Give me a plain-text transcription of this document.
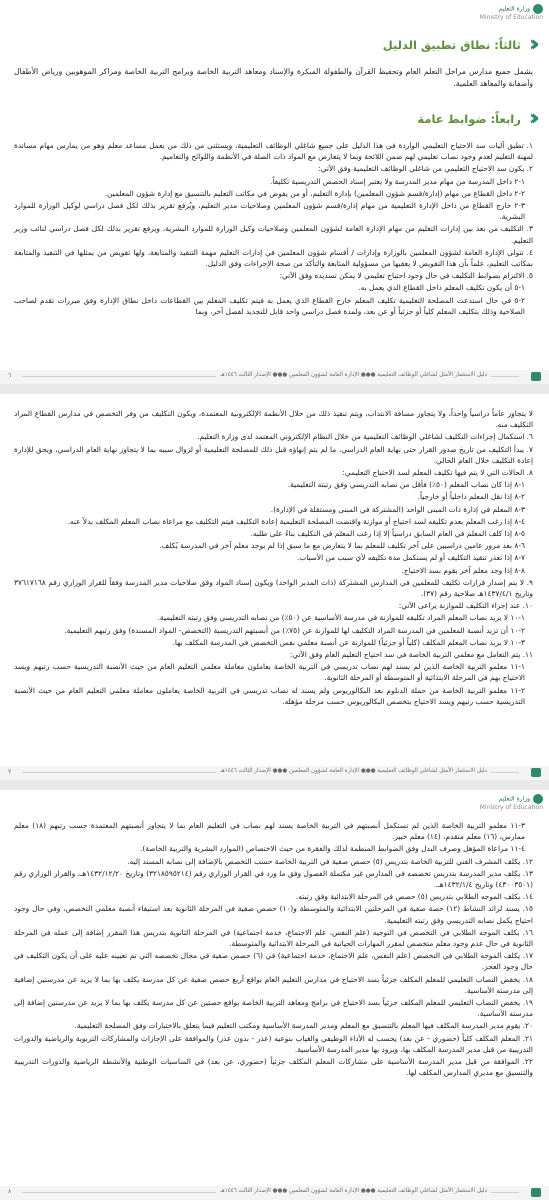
وزارة التعليم
Ministry of Education
‹‹ثالثاً: نطاق تطبيق الدليل

يشمل جميع مدارس مراحل التعلم العام وتحفيظ القرآن والطفولة المبكرة والإسناد ومعاهد التربية الخاصة وبرامج التربية الخاصة ومراكز الموهوبين ورياض الأطفال وأضفانة والمعاهد العلمية.

‹‹رابعاً: ضوابط عامة

١. تطبق آليات سد الاحتياج التعليمي الواردة في هذا الدليل على جميع شاغلي الوظائف التعليمية، ويستثنى من ذلك من يعمل مساعد معلم وهو من يمارس مهام مساندة لمهنة التعليم لعدم وجود نصاب تعليمي لهم ضمن اللائحة وبما لا يتعارض مع المواد ذات الصلة في الأنظمة واللوائح والتعاميم.

٢. يكون سد الاحتياج التعليمي من شاغلي الوظائف التعليمية وفق الآتي:

١-٢ داخل المدرسة من مهام مدير المدرسة ولا يعتبر إسناد الحصص التدريسية تكليفاً.

٢-٢ داخل القطاع من مهام (إدارة/قسم شؤون المعلمين) بإدارة التعليم، أو من يفوض في مكاتب التعليم بالتنسيق مع إدارة شؤون المعلمين.

٣-٢ خارج القطاع من داخل الإدارة التعليمية من مهام إدارة/قسم شؤون المعلمين وصلاحيات مدير التعليم، ويُرفع تقرير بذلك لكل فصل دراسي لوكيل الوزارة للموارد البشرية.

٣. التكليف من بعد بين إدارات التعليم من مهام الإدارة العامة لشؤون المعلمين وصلاحيات وكيل الوزارة للموارد البشرية، ويرفع تقرير بذلك لكل فصل دراسي لنائب وزير التعليم.

٤. تتولى الإدارة العامة لشؤون المعلمين بالوزارة وإدارات / أقسام شؤون المعلمين في إدارات التعليم مهمة التنفيذ والمتابعة، ولها تفويض من يمثلها في التنفيذ والمتابعة بمكاتب التعليم، علماً بأن هذا التفويض لا يعفيها من مسؤولية المتابعة والتأكد من صحة الإجراءات وفق الدليل.

٥. الالتزام بضوابط التكليف في حال وجود احتياج تعليمي لا يمكن تسديده وفق الآتي:

١-٥ أن يكون تكليف المعلم داخل القطاع الذي يعمل به.

٢-٥ في حال استدعت المصلحة التعليمية تكليف المعلم خارج القطاع الذي يعمل به فيتم تكليف المعلم بين القطاعات داخل نطاق الإدارة وفق مبررات تقدم لصاحب الصلاحية وذلك بتكليف المعلم كلياً أو جزئياً أو عن بعد، ولمدة فصل دراسي واحد قابل للتجديد لفصل آخر، وبما

دليل الاستثمار الأمثل لشاغلي الوظائف التعليمية ●●● الإدارة العامة لشؤون المعلمين ●●● الإصدار الثالث ١٤٤٦هـ
٦

لا يتجاوز عاماً دراسياً واحداً، ولا يتجاوز مسافة الانتداب، ويتم تنفيذ ذلك من خلال الأنظمة الإلكترونية المعتمدة، ويكون التكليف من وفر التخصص في مدارس القطاع المراد التكليف منه.

٦. استكمال إجراءات التكليف لشاغلي الوظائف التعليمية من خلال النظام الإلكتروني المعتمد لدى وزارة التعليم.

٧. يبدأ التكليف من تاريخ صدور القرار حتى نهاية العام الدراسي، ما لم يتم إنهاؤه قبل ذلك للمصلحة التعليمية أو لزوال سببه بما لا يتجاوز نهاية العام الدراسي، ويحق للإدارة إعادة التكليف خلال العام الحالي.

٨. الحالات التي لا يتم فيها تكليف المعلم لسد الاحتياج التعليمي:

١-٨ إذا كان نصاب المعلم (٥٠٪) فأقل من نصابه التدريسي وفق رتبته التعليمية.

٢-٨ إذا نقل المعلم داخلياً أو خارجياً.

٣-٨ المعلم في إدارة ذات المبنى الواحد (المشتركة في المبنى ومستقلة في الإدارة).

٤-٨ إذا رغب المعلم بعدم تكليفه لسد احتياج أو موازنة واقتضت المصلحة التعليمية إعادة التكليف فيتم التكليف مع مراعاة نصاب المعلم المكلف بدلاً عنه.

٥-٨ إذا كلف المعلم في العام السابق دراسياً إلا إذا رغب المعلم في التكليف بناءً على طلبه.

٦-٨ بعد مرور عامين دراسيين على آخر تكليف للمعلم بما لا يتعارض مع ما سبق إذا لم يوجد معلم آخر في المدرسة يُكلف.

٧-٨ إذا تعذر تنفيذ التكليف أو لم يستكمل مدة تكليفه لأي سبب من الأسباب.

٨-٨ إذا وجد معلم آخر يقوم بسد الاحتياج.

٩. لا يتم إصدار قرارات تكليف للمعلمين في المدارس المشتركة (ذات المدير الواحد) ويكون إسناد المواد وفق صلاحيات مدير المدرسة وفقاً للقرار الوزاري رقم ٣٧٦١٧١٦٨ وتاريخ ١٤٣٧/٤/١هـ صلاحية رقم (٣٧).

١٠. عند إجراء التكليف للموازنة يراعى الآتي:

١-١٠ لا يزيد نصاب المعلم المراد تكليفه للموازنة في مدرسة الأساسية عن (٥٠٪) من نصابه التدريسي وفق رتبته التعليمية.

٢-١٠ أن تزيد أنصبة المعلمين في المدرسة المراد التكليف لها للموازنة عن (٧٥٪) من أنصبتهم التدريسية (التخصص- المواد المسندة) وفق رتبهم التعليمية.

٣-١٠ لا يزيد نصاب المعلم المكلف (كلياً أو جزئياً) للموازنة عن أنصبة معلمي نفس التخصص في المدرسة المكلف بها.

١١. يتم التعامل مع معلمي التربية الخاصة في سد احتياج التعليم العام وفق الآتي:

١-١١ معلمو التربية الخاصة الذين لم يسند لهم نصاب تدريسي في التربية الخاصة يعاملون معاملة معلمي التعليم العام من حيث الأنصبة التدريسية حسب رتبهم ويسد الاحتياج بهم في المرحلة الابتدائية أو المتوسطة أو المرحلة الثانوية.

٢-١١ معلمو التربية الخاصة من حملة الدبلوم بعد البكالوريوس ولم يسند له نصاب تدريسي في التربية الخاصة يعاملون معاملة معلمي التعليم العام من حيث الأنصبة التدريسية حسب رتبهم ويسد الاحتياج بتخصص البكالوريوس حسب مرحلة مؤهله.

دليل الاستثمار الأمثل لشاغلي الوظائف التعليمية ●●● الإدارة العامة لشؤون المعلمين ●●● الإصدار الثالث ١٤٤٦هـ
٧
وزارة التعليم
Ministry of Education

٣-١١ معلمو التربية الخاصة الذين لم تستكمل أنصبتهم في التربية الخاصة يسند لهم نصاب في التعليم العام بما لا يتجاوز أنصبتهم المعتمدة حسب رتبهم (١٨) معلم ممارس، (١٦) معلم متقدم، (١٤) معلم خبير.

٤-١١ مراعاة المؤهل وصرف البدل وفق الضوابط المنظمة لذلك والفقرة من حيث الاختصاص (الموارد البشرية والتربية الخاصة).

١٢. يكلف المشرف الفني للتربية الخاصة بتدريس (٥) حصص صفية في التربية الخاصة حسب التخصص بالإضافة إلى نصابه المسند إليه.

١٣. يكلف مدير المدرسة بتدريس تخصصه في المدارس غير مكتملة الفصول وفق ما ورد في القرار الوزاري رقم (٣٢١٨٥٩٥٢١٤) وتاريخ ١٤٣٢/١٢/٢٠هـ، والقرار الوزاري رقم (٤٣٠٠٣٥٠١) وتاريخ ١٤٣٢/١/٤هـ.

١٤. يكلف الموجه الطلابي بتدريس (٥) حصص في المرحلة الابتدائية وفق رتبته.

١٥. يسند لرائد النشاط (١٢) حصة صفية في المرحلتين الابتدائية والمتوسطة و(١٠) حصص صفية في المرحلة الثانوية بعد استيفاء أنصبة معلمي التخصص، وفي حال وجود احتياج يكمل نصابه التدريسي وفق رتبته التعليمية.

١٦. يكلف الموجه الطلابي في التخصص في التوجيه (علم النفس، علم الاجتماع، خدمة اجتماعية) في المرحلة الثانوية بتدريس هذا المقرر إضافة إلى عمله في المرحلة الثانوية في حال عدم وجود معلم متخصص لمقرر المهارات الحياتية في المرحلة الابتدائية والمتوسطة.

١٧. يكلف الموجه الطلابي في التخصص (علم النفس، علم الاجتماع، خدمة اجتماعية) في (٦) حصص صفية في مجال تخصصه التي تم تعيينه عليه على أن يكون التكليف في حال وجود العجز.

١٨. يخفض النصاب التعليمي للمعلم المكلف جزئياً بسد الاحتياج في مدارس التعليم العام بواقع أربع حصص صفية عن كل مدرسة يكلف بها بما لا يزيد عن مدرستين إضافية إلى مدرسته الأساسية.

١٩. يخفض النصاب التعليمي للمعلم المكلف جزئياً بسد الاحتياج في برامج ومعاهد التربية الخاصة بواقع حصتين عن كل مدرسة يكلف بها بما لا يزيد عن مدرستين إضافة إلى مدرسته الأساسية.

٢٠. يقوم مدير المدرسة المكلف فيها المعلم بالتنسيق مع المعلم ومدير المدرسة الأساسية ومكتب التعليم فيما يتعلق بالاختبارات وفق المصلحة التعليمية.

٢١. المعلم المكلف كلياً (حضوري - عن بعد) يحسب له الأداء الوظيفي والغياب بنوعيه (عذر - بدون عذر) والموافقة على الإجازات والمشاركات التربوية والرياضية والدورات التدريبية من قبل مدير المدرسة المكلف بها، ويزود بها مدير المدرسة الأساسية.

٢٢. الموافقة من قبل مدير المدرسة الأساسية على مشاركات المعلم المكلف جزئياً (حضوري، عن بعد) في المناسبات الوطنية والأنشطة الرياضية والدورات التدريبية والتنسيق مع مديري المدارس المكلف لها.

دليل الاستثمار الأمثل لشاغلي الوظائف التعليمية ●●● الإدارة العامة لشؤون المعلمين ●●● الإصدار الثالث ١٤٤٦هـ
٨
